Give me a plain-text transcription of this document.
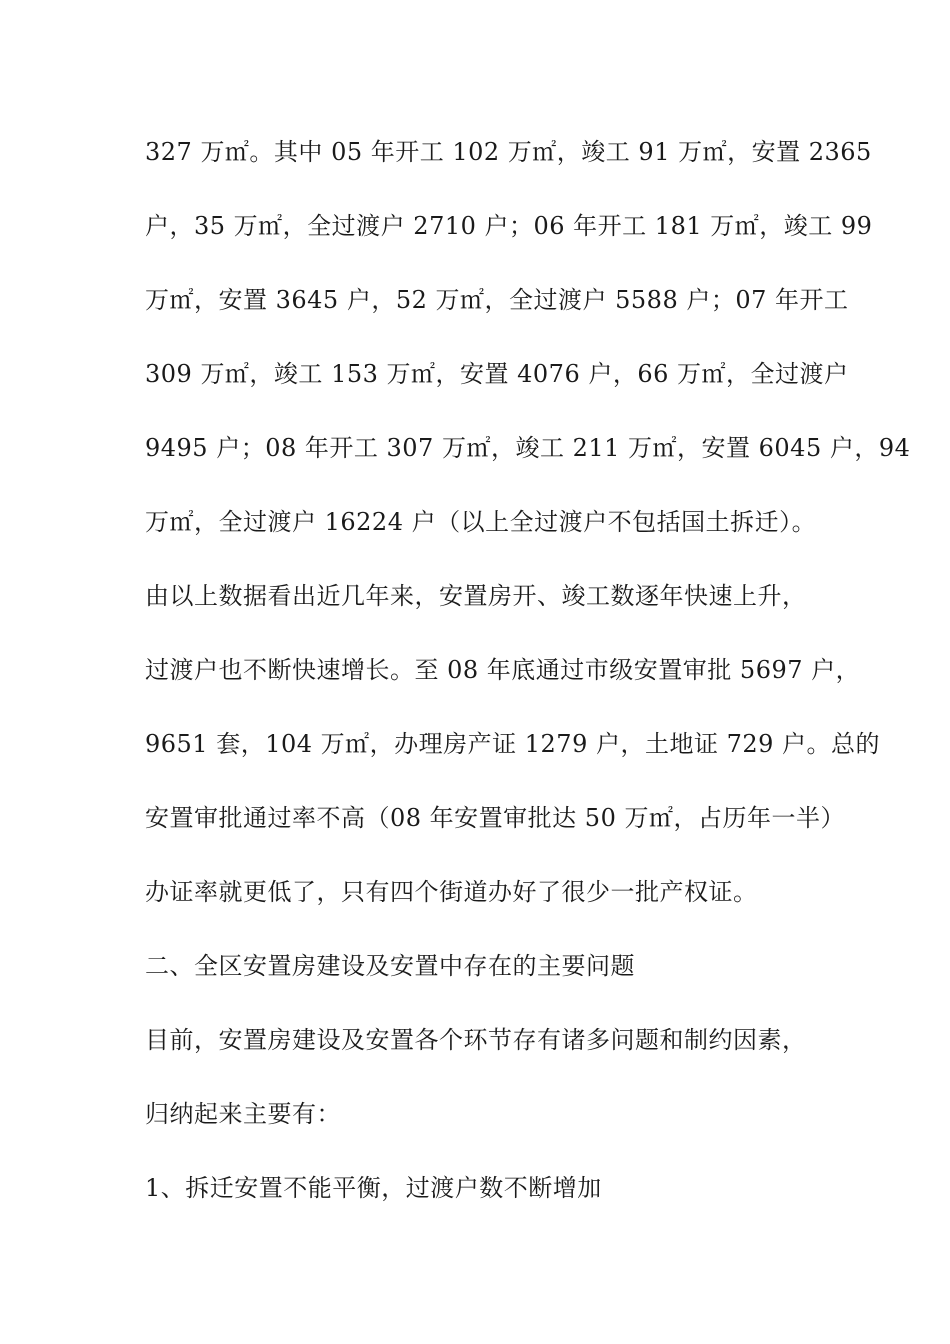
327 万㎡。其中 05 年开工 102 万㎡，竣工 91 万㎡，安置 2365
户，35 万㎡，全过渡户 2710 户；06 年开工 181 万㎡，竣工 99
万㎡，安置 3645 户，52 万㎡，全过渡户 5588 户；07 年开工
309 万㎡，竣工 153 万㎡，安置 4076 户，66 万㎡，全过渡户
9495 户；08 年开工 307 万㎡，竣工 211 万㎡，安置 6045 户，94
万㎡，全过渡户 16224 户（以上全过渡户不包括国土拆迁）。
由以上数据看出近几年来，安置房开、竣工数逐年快速上升，
过渡户也不断快速增长。至 08 年底通过市级安置审批 5697 户，
9651 套，104 万㎡，办理房产证 1279 户，土地证 729 户。总的
安置审批通过率不高（08 年安置审批达 50 万㎡，占历年一半）
办证率就更低了，只有四个街道办好了很少一批产权证。
二、全区安置房建设及安置中存在的主要问题
目前，安置房建设及安置各个环节存有诸多问题和制约因素，
归纳起来主要有：
1、拆迁安置不能平衡，过渡户数不断增加
